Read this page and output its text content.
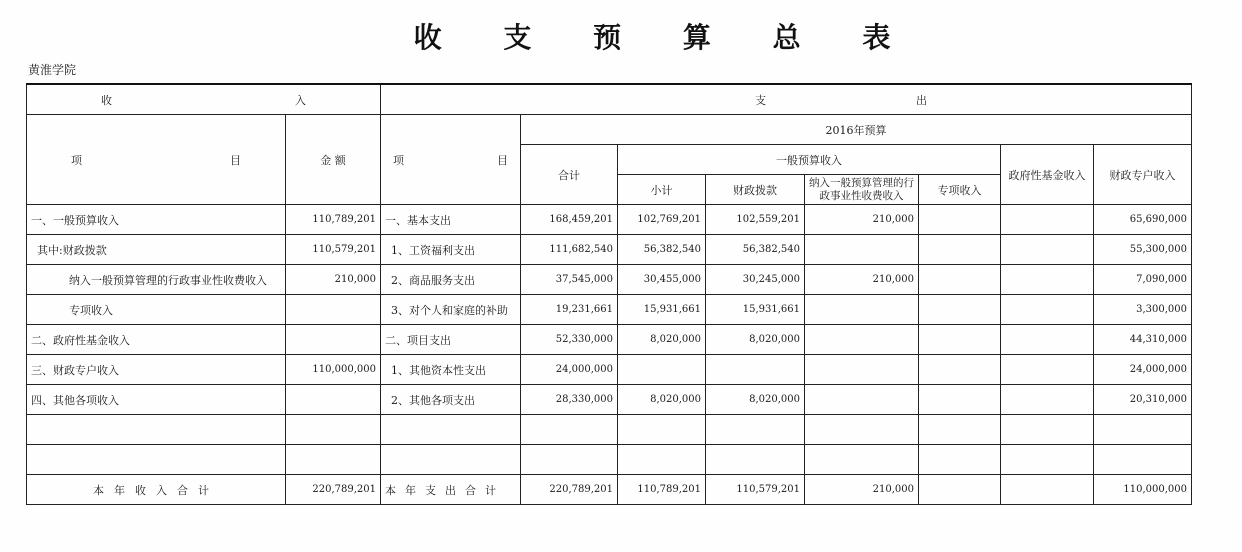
收 支 预 算 总 表
黄淮学院
收 入		支 出							

项 目	金 额	项 目	2016年预算						
			合计	一般预算收入				政府性基金收入	财政专户收入
				小计	财政拨款	纳入一般预算管理的行政事业性收费收入	专项收入		
一、一般预算收入	110,789,201	一、基本支出	168,459,201	102,769,201	102,559,201	210,000			65,690,000
其中:财政拨款	110,579,201	1、工资福利支出	111,682,540	56,382,540	56,382,540				55,300,000
纳入一般预算管理的行政事业性收费收入	210,000	2、商品服务支出	37,545,000	30,455,000	30,245,000	210,000			7,090,000
专项收入		3、对个人和家庭的补助	19,231,661	15,931,661	15,931,661				3,300,000
二、政府性基金收入		二、项目支出	52,330,000	8,020,000	8,020,000				44,310,000
三、财政专户收入	110,000,000	1、其他资本性支出	24,000,000						24,000,000
四、其他各项收入		2、其他各项支出	28,330,000	8,020,000	8,020,000				20,310,000

本年收入合计	220,789,201	本年支出合计	220,789,201	110,789,201	110,579,201	210,000			110,000,000
